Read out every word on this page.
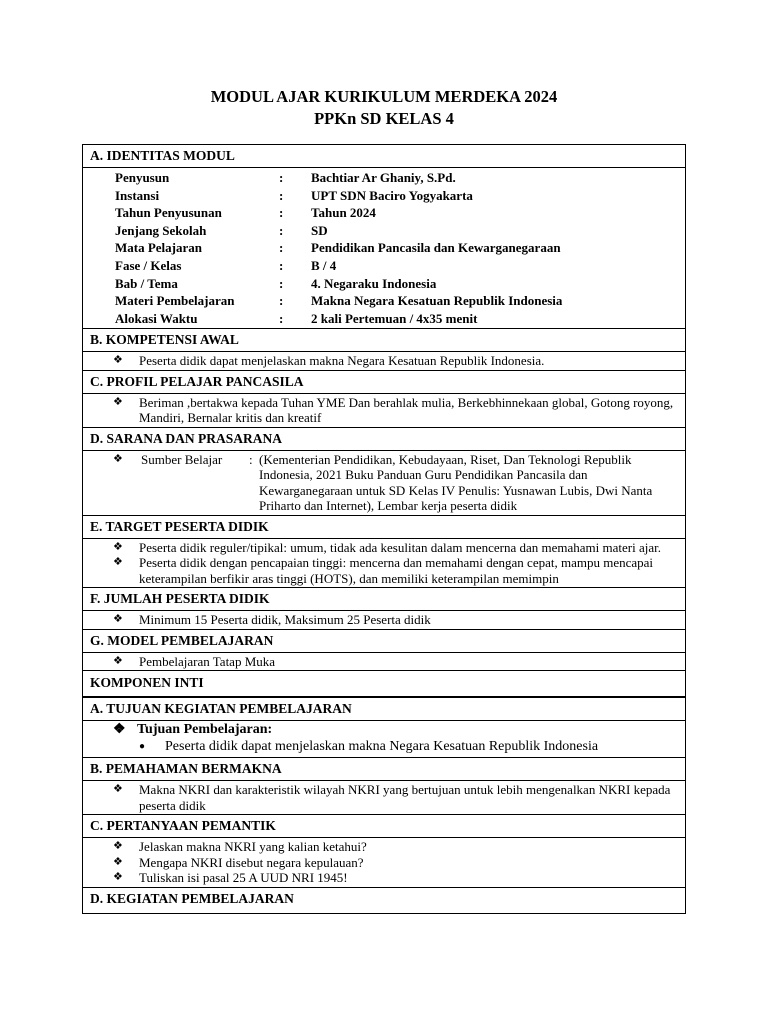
MODUL AJAR KURIKULUM MERDEKA 2024

PPKn SD KELAS 4

A. IDENTITAS MODUL
Penyusun	:	Bachtiar Ar Ghaniy, S.Pd.
Instansi	:	UPT SDN Baciro Yogyakarta
Tahun Penyusunan	:	Tahun 2024
Jenjang Sekolah	:	SD
Mata Pelajaran	:	Pendidikan Pancasila dan Kewarganegaraan
Fase / Kelas	:	B / 4
Bab / Tema	:	4. Negaraku Indonesia
Materi Pembelajaran	:	Makna Negara Kesatuan Republik Indonesia
Alokasi Waktu	:	2 kali Pertemuan / 4x35 menit
B. KOMPETENSI AWAL
❖	Peserta didik dapat menjelaskan makna Negara Kesatuan Republik Indonesia.
C. PROFIL PELAJAR PANCASILA
❖	Beriman ,bertakwa kepada Tuhan YME Dan berahlak mulia, Berkebhinnekaan global, Gotong royong, Mandiri, Bernalar kritis dan kreatif
D. SARANA DAN PRASARANA
❖	Sumber Belajar	: (Kementerian Pendidikan, Kebudayaan, Riset, Dan Teknologi Republik Indonesia, 2021 Buku Panduan Guru Pendidikan Pancasila dan Kewarganegaraan untuk SD Kelas IV Penulis: Yusnawan Lubis, Dwi Nanta Priharto dan Internet), Lembar kerja peserta didik
E. TARGET PESERTA DIDIK
❖	Peserta didik reguler/tipikal: umum, tidak ada kesulitan dalam mencerna dan memahami materi ajar.
❖	Peserta didik dengan pencapaian tinggi: mencerna dan memahami dengan cepat, mampu mencapai keterampilan berfikir aras tinggi (HOTS), dan memiliki keterampilan memimpin
F. JUMLAH PESERTA DIDIK
❖	Minimum 15 Peserta didik, Maksimum 25 Peserta didik
G. MODEL PEMBELAJARAN
❖	Pembelajaran Tatap Muka
KOMPONEN INTI
A. TUJUAN KEGIATAN PEMBELAJARAN
❖ Tujuan Pembelajaran:
●	Peserta didik dapat menjelaskan makna Negara Kesatuan Republik Indonesia
B. PEMAHAMAN BERMAKNA
❖	Makna NKRI dan karakteristik wilayah NKRI yang bertujuan untuk lebih mengenalkan NKRI kepada peserta didik
C. PERTANYAAN PEMANTIK
❖	Jelaskan makna NKRI yang kalian ketahui?
❖	Mengapa NKRI disebut negara kepulauan?
❖	Tuliskan isi pasal 25 A UUD NRI 1945!
D. KEGIATAN PEMBELAJARAN
